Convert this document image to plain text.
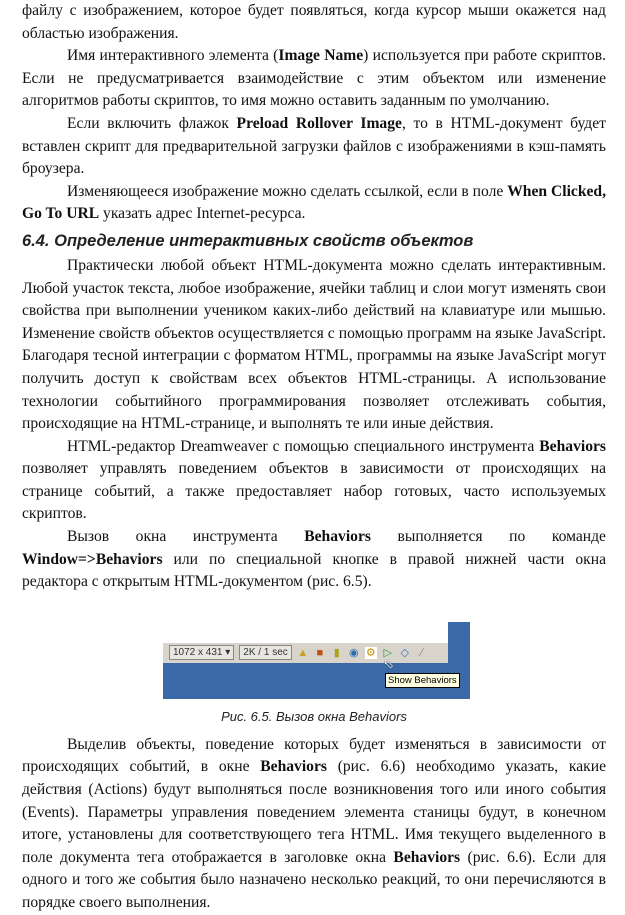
файлу с изображением, которое будет появляться, когда курсор мыши окажется над областью изображения.

Имя интерактивного элемента (Image Name) используется при работе скриптов. Если не предусматривается взаимодействие с этим объектом или изменение алгоритмов работы скриптов, то имя можно оставить заданным по умолчанию.

Если включить флажок Preload Rollover Image, то в HTML-документ будет вставлен скрипт для предварительной загрузки файлов с изображениями в кэш-память броузера.

Изменяющееся изображение можно сделать ссылкой, если в поле When Clicked, Go To URL указать адрес Internet-ресурса.

6.4. Определение интерактивных свойств объектов

Практически любой объект HTML-документа можно сделать интерактивным. Любой участок текста, любое изображение, ячейки таблиц и слои могут изменять свои свойства при выполнении учеником каких-либо действий на клавиатуре или мышью. Изменение свойств объектов осуществляется с помощью программ на языке JavaScript. Благодаря тесной интеграции с форматом HTML, программы на языке JavaScript могут получить доступ к свойствам всех объектов HTML-страницы. А использование технологии событийного программирования позволяет отслеживать события, происходящие на HTML-странице, и выполнять те или иные действия.

HTML-редактор Dreamweaver с помощью специального инструмента Behaviors позволяет управлять поведением объектов в зависимости от происходящих на странице событий, а также предоставляет набор готовых, часто используемых скриптов.

Вызов окна инструмента Behaviors выполняется по команде Window=>Behaviors или по специальной кнопке в правой нижней части окна редактора с открытым HTML-документом (рис. 6.5).

1072 x 431 ▾	2K / 1 sec ▲ ■ ▮ ◉ ⚙ ▷ ◇	∕
⬁
Show Behaviors
Рис. 6.5. Вызов окна Behaviors

Выделив объекты, поведение которых будет изменяться в зависимости от происходящих событий, в окне Behaviors (рис. 6.6) необходимо указать, какие действия (Actions) будут выполняться после возникновения того или иного события (Events). Параметры управления поведением элемента станицы будут, в конечном итоге, установлены для соответствующего тега HTML. Имя текущего выделенного в поле документа тега отображается в заголовке окна Behaviors (рис. 6.6). Если для одного и того же события было назначено несколько реакций, то они перечисляются в порядке своего выполнения.
